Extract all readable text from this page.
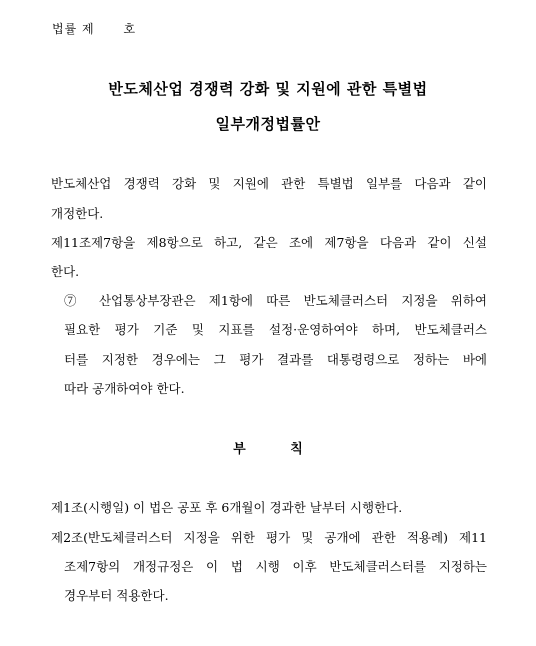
법률 제      호
반도체산업 경쟁력 강화 및 지원에 관한 특별법
일부개정법률안
반도체산업 경쟁력 강화 및 지원에 관한 특별법 일부를 다음과 같이
개정한다.
제11조제7항을 제8항으로 하고, 같은 조에 제7항을 다음과 같이 신설
한다.
⑦ 산업통상부장관은 제1항에 따른 반도체클러스터 지정을 위하여
필요한 평가 기준 및 지표를 설정·운영하여야 하며, 반도체클러스
터를 지정한 경우에는 그 평가 결과를 대통령령으로 정하는 바에
따라 공개하여야 한다.
부 칙
제1조(시행일) 이 법은 공포 후 6개월이 경과한 날부터 시행한다.
제2조(반도체클러스터 지정을 위한 평가 및 공개에 관한 적용례) 제11
조제7항의 개정규정은 이 법 시행 이후 반도체클러스터를 지정하는
경우부터 적용한다.
